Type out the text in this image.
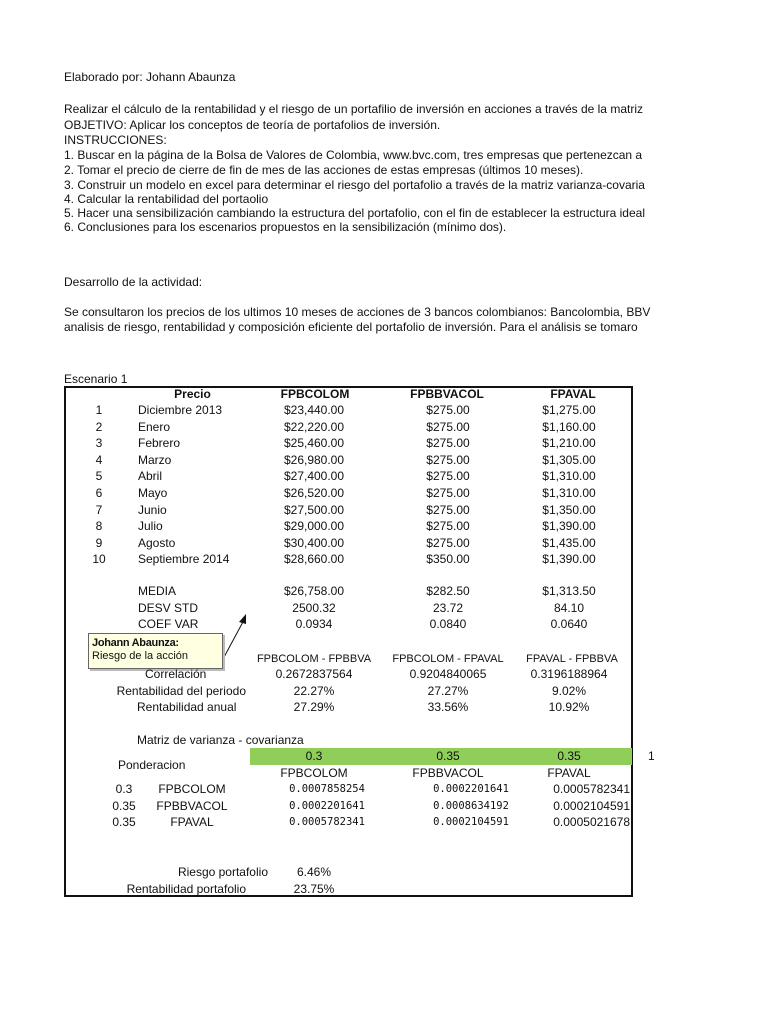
Elaborado por: Johann Abaunza
Realizar el cálculo de la rentabilidad y el riesgo de un portafilio de inversión en acciones a través de la matriz
OBJETIVO: Aplicar los conceptos de teoría de portafolios de inversión.
INSTRUCCIONES:
1. Buscar en la página de la Bolsa de Valores de Colombia, www.bvc.com, tres empresas que pertenezcan a
2. Tomar el precio de cierre de fin de mes de las acciones de estas empresas (últimos 10 meses).
3. Construir un modelo en excel para determinar el riesgo del portafolio a través de la matriz varianza-covaria
4. Calcular la rentabilidad del portaolio
5. Hacer una sensibilización cambiando la estructura del portafolio, con el fin de establecer la estructura ideal
6. Conclusiones para los escenarios propuestos en la sensibilización (mínimo dos).
Desarrollo de la actividad:
Se consultaron los precios de los ultimos 10 meses de acciones de 3 bancos colombianos: Bancolombia, BBV
analisis de riesgo, rentabilidad y composición eficiente del portafolio de inversión. Para el análisis se tomaro
Escenario 1
Precio	FPBCOLOM	FPBBVACOL	FPAVAL
1	Diciembre 2013	$23,440.00	$275.00	$1,275.00
2	Enero	$22,220.00	$275.00	$1,160.00
3	Febrero	$25,460.00	$275.00	$1,210.00
4	Marzo	$26,980.00	$275.00	$1,305.00
5	Abril	$27,400.00	$275.00	$1,310.00
6	Mayo	$26,520.00	$275.00	$1,310.00
7	Junio	$27,500.00	$275.00	$1,350.00
8	Julio	$29,000.00	$275.00	$1,390.00
9	Agosto	$30,400.00	$275.00	$1,435.00
10	Septiembre 2014	$28,660.00	$350.00	$1,390.00
MEDIA	$26,758.00	$282.50	$1,313.50
DESV STD	2500.32	23.72	84.10
COEF VAR	0.0934	0.0840	0.0640
Johann Abaunza:
Riesgo de la acción	FPBCOLOM - FPBBVA	FPBCOLOM - FPAVAL	FPAVAL - FPBBVA
Correlación	0.2672837564	0.9204840065	0.3196188964
Rentabilidad del periodo	22.27%	27.27%	9.02%
Rentabilidad anual	27.29%	33.56%	10.92%
Matriz de varianza - covarianza
0.3	0.35	0.35	1
Ponderacion
FPBCOLOM	FPBBVACOL	FPAVAL
0.3	FPBCOLOM	0.0007858254	0.0002201641	0.0005782341
0.35	FPBBVACOL	0.0002201641	0.0008634192	0.0002104591
0.35	FPAVAL	0.0005782341	0.0002104591	0.0005021678
Riesgo portafolio	6.46%
Rentabilidad portafolio	23.75%
